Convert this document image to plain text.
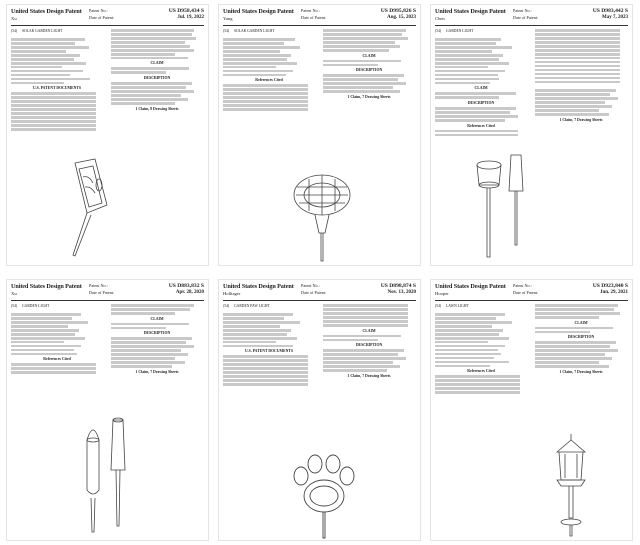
United States Design Patent
Xu
Patent No.:
Date of Patent:
US D958,434 S
Jul. 19, 2022
(54) SOLAR GARDEN LIGHT
U.S. PATENT DOCUMENTS
CLAIM
DESCRIPTION
1 Claim, 8 Drawing Sheets
United States Design Patent
Yang
Patent No.:
Date of Patent:
US D995,826 S
Aug. 15, 2023
(54) SOLAR GARDEN LIGHT
References Cited
CLAIM
DESCRIPTION
1 Claim, 7 Drawing Sheets
United States Design Patent
Chen
Patent No.:
Date of Patent:
US D983,442 S
May 7, 2023
(54) GARDEN LIGHT
CLAIM
DESCRIPTION
References Cited
1 Claim, 7 Drawing Sheets
United States Design Patent
Xu
Patent No.:
Date of Patent:
US D883,832 S
Apr. 28, 2020
(54) GARDEN LIGHT
References Cited
CLAIM
DESCRIPTION
1 Claim, 7 Drawing Sheets
United States Design Patent
Holliager
Patent No.:
Date of Patent:
US D898,874 S
Nov. 13, 2020
(54) GARDEN PAW LIGHT
U.S. PATENT DOCUMENTS
CLAIM
DESCRIPTION
1 Claim, 7 Drawing Sheets
United States Design Patent
Hooper
Patent No.:
Date of Patent:
US D923,840 S
Jun. 29, 2021
(54) LAWN LIGHT
References Cited
CLAIM
DESCRIPTION
1 Claim, 7 Drawing Sheets
